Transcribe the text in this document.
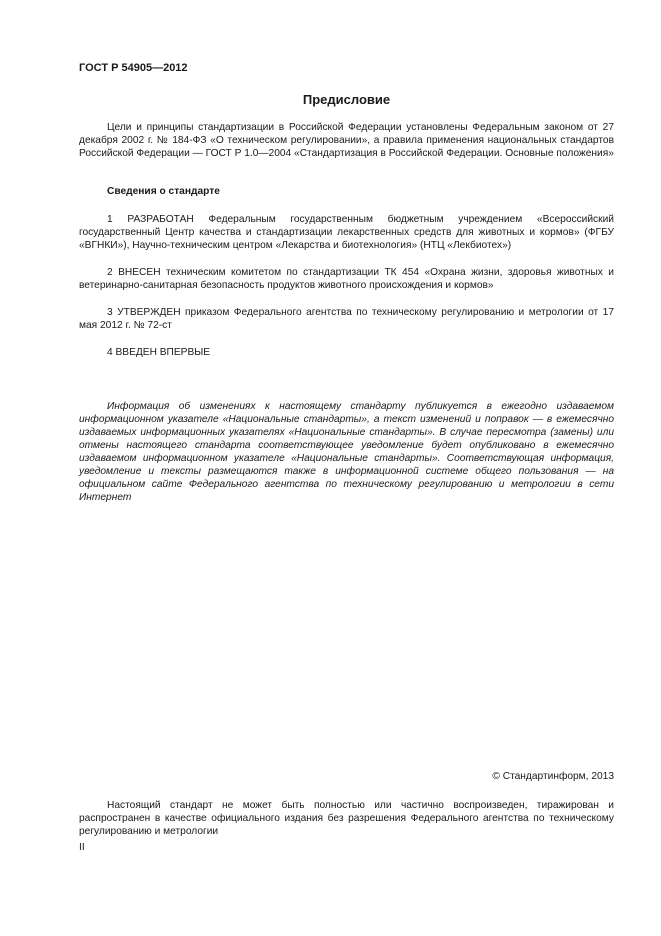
ГОСТ Р 54905—2012

Предисловие

Цели и принципы стандартизации в Российской Федерации установлены Федеральным законом от 27 декабря 2002 г. № 184-ФЗ «О техническом регулировании», а правила применения национальных стандартов Российской Федерации — ГОСТ Р 1.0—2004 «Стандартизация в Российской Федерации. Основные положения»

Сведения о стандарте

1 РАЗРАБОТАН Федеральным государственным бюджетным учреждением «Всероссийский государственный Центр качества и стандартизации лекарственных средств для животных и кормов» (ФГБУ «ВГНКИ»), Научно-техническим центром «Лекарства и биотехнология» (НТЦ «Лекбиотех»)

2 ВНЕСЕН техническим комитетом по стандартизации ТК 454 «Охрана жизни, здоровья животных и ветеринарно-санитарная безопасность продуктов животного происхождения и кормов»

3 УТВЕРЖДЕН приказом Федерального агентства по техническому регулированию и метрологии от 17 мая 2012 г. № 72-ст

4 ВВЕДЕН ВПЕРВЫЕ

Информация об изменениях к настоящему стандарту публикуется в ежегодно издаваемом информационном указателе «Национальные стандарты», а текст изменений и поправок — в ежемесячно издаваемых информационных указателях «Национальные стандарты». В случае пересмотра (замены) или отмены настоящего стандарта соответствующее уведомление будет опубликовано в ежемесячно издаваемом информационном указателе «Национальные стандарты». Соответствующая информация, уведомление и тексты размещаются также в информационной системе общего пользования — на официальном сайте Федерального агентства по техническому регулированию и метрологии в сети Интернет

© Стандартинформ, 2013

Настоящий стандарт не может быть полностью или частично воспроизведен, тиражирован и распространен в качестве официального издания без разрешения Федерального агентства по техническому регулированию и метрологии

II
